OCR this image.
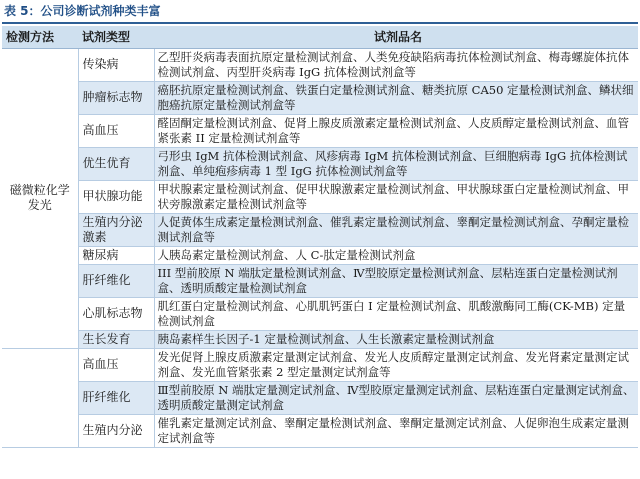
表 5：公司诊断试剂种类丰富
检测方法	试剂类型	试剂品名
磁微粒化学发光	传染病	乙型肝炎病毒表面抗原定量检测试剂盒、人类免疫缺陷病毒抗体检测试剂盒、梅毒螺旋体抗体检测试剂盒、丙型肝炎病毒 IgG 抗体检测试剂盒等
	肿瘤标志物	癌胚抗原定量检测试剂盒、铁蛋白定量检测试剂盒、糖类抗原 CA50 定量检测试剂盒、鳞状细胞癌抗原定量检测试剂盒等
	高血压	醛固酮定量检测试剂盒、促肾上腺皮质激素定量检测试剂盒、人皮质醇定量检测试剂盒、血管紧张素 II 定量检测试剂盒等
	优生优育	弓形虫 IgM 抗体检测试剂盒、风疹病毒 IgM 抗体检测试剂盒、巨细胞病毒 IgG 抗体检测试剂盒、单纯疱疹病毒 1 型 IgG 抗体检测试剂盒等
	甲状腺功能	甲状腺素定量检测试剂盒、促甲状腺激素定量检测试剂盒、甲状腺球蛋白定量检测试剂盒、甲状旁腺激素定量检测试剂盒等
	生殖内分泌激素	人促黄体生成素定量检测试剂盒、催乳素定量检测试剂盒、睾酮定量检测试剂盒、孕酮定量检测试剂盒等
	糖尿病	人胰岛素定量检测试剂盒、人 C-肽定量检测试剂盒
	肝纤维化	III 型前胶原 N 端肽定量检测试剂盒、Ⅳ型胶原定量检测试剂盒、层粘连蛋白定量检测试剂盒、透明质酸定量检测试剂盒
	心肌标志物	肌红蛋白定量检测试剂盒、心肌肌钙蛋白 I 定量检测试剂盒、肌酸激酶同工酶(CK-MB) 定量检测试剂盒
	生长发育	胰岛素样生长因子-1 定量检测试剂盒、人生长激素定量检测试剂盒
	高血压	发光促肾上腺皮质激素定量测定试剂盒、发光人皮质醇定量测定试剂盒、发光肾素定量测定试剂盒、发光血管紧张素 2 型定量测定试剂盒等
	肝纤维化	Ⅲ型前胶原 N 端肽定量测定试剂盒、Ⅳ型胶原定量测定试剂盒、层粘连蛋白定量测定试剂盒、透明质酸定量测定试剂盒
	生殖内分泌	催乳素定量测定试剂盒、睾酮定量检测试剂盒、睾酮定量测定试剂盒、人促卵泡生成素定量测定试剂盒等
